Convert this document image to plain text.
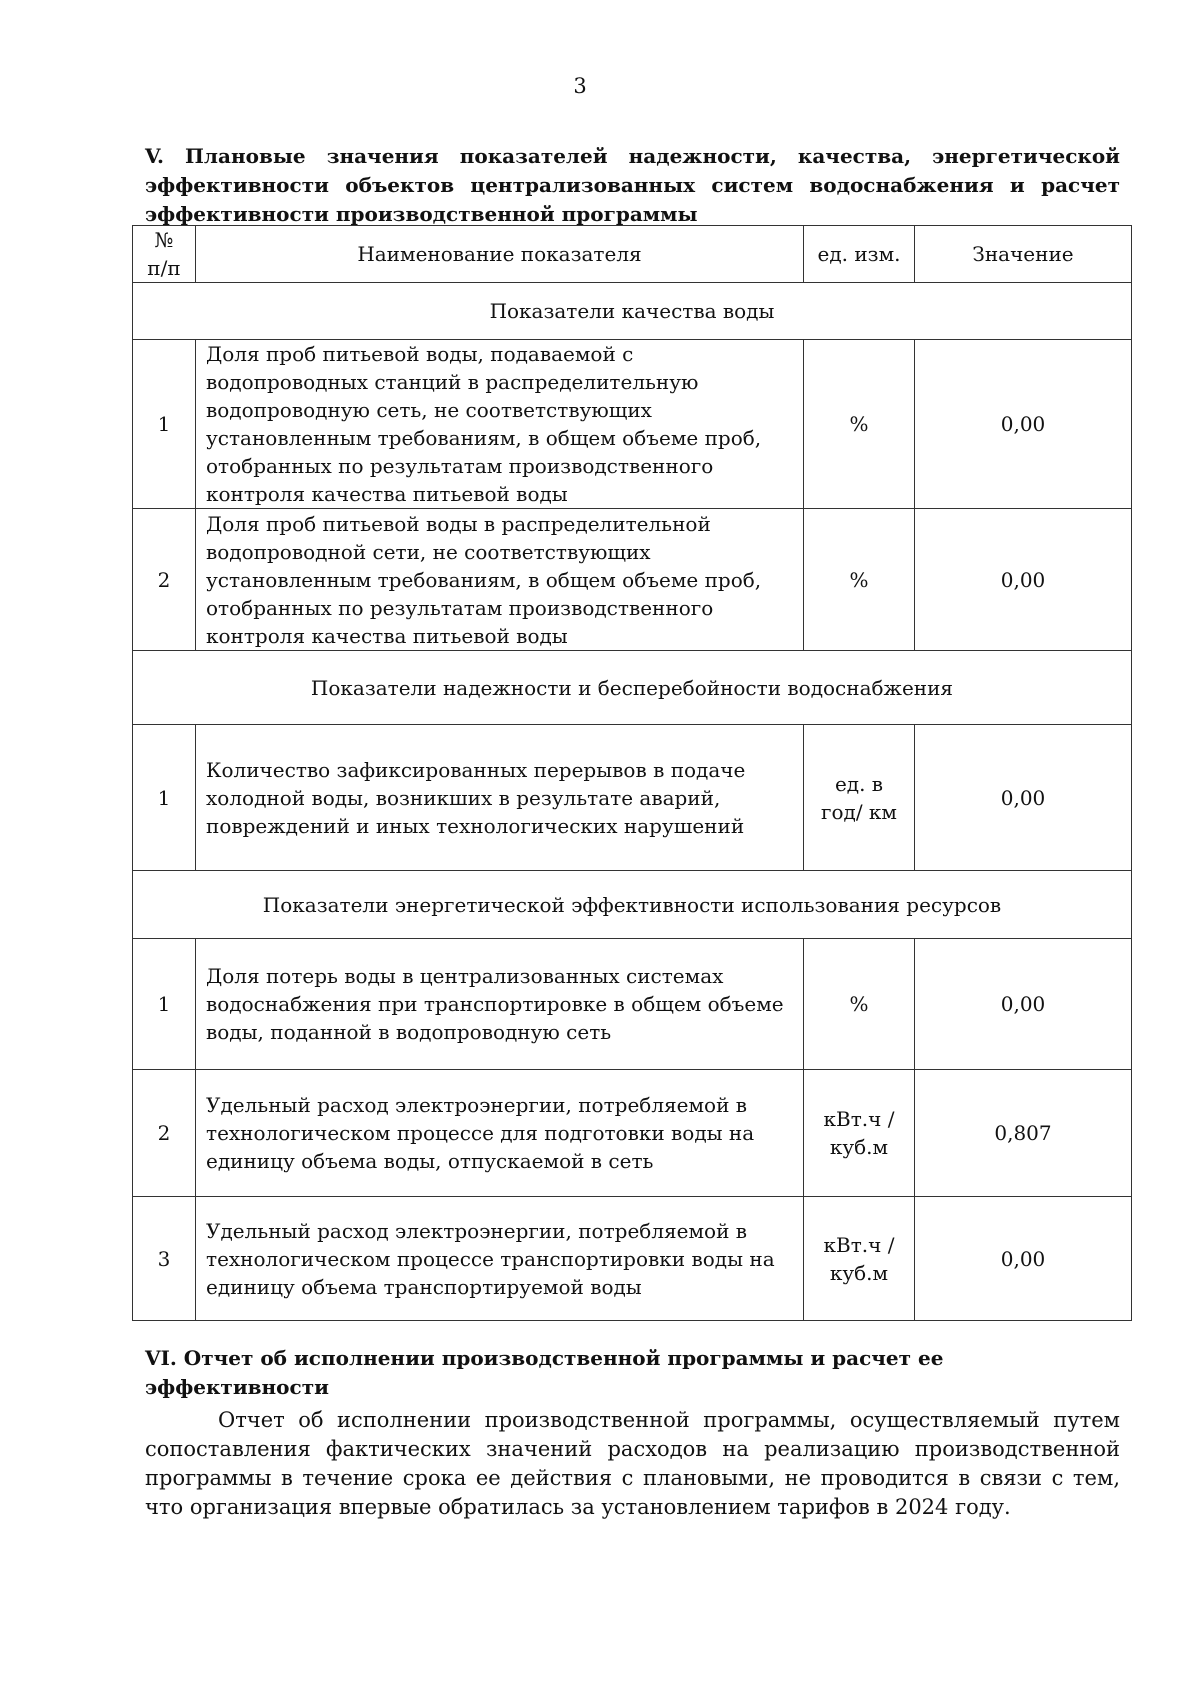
3
V. Плановые значения показателей надежности, качества, энергетической эффективности объектов централизованных систем водоснабжения и расчет эффективности производственной программы
№ п/п	Наименование показателя	ед. изм.	Значение
Показатели качества воды			
1	Доля проб питьевой воды, подаваемой с водопроводных станций в распределительную водопроводную сеть, не соответствующих установленным требованиям, в общем объеме проб, отобранных по результатам производственного контроля качества питьевой воды	%	0,00
2	Доля проб питьевой воды в распределительной водопроводной сети, не соответствующих установленным требованиям, в общем объеме проб, отобранных по результатам производственного контроля качества питьевой воды	%	0,00
Показатели надежности и бесперебойности водоснабжения			
1	Количество зафиксированных перерывов в подаче холодной воды, возникших в результате аварий, повреждений и иных технологических нарушений	ед. в год/ км	0,00
Показатели энергетической эффективности использования ресурсов			
1	Доля потерь воды в централизованных системах водоснабжения при транспортировке в общем объеме воды, поданной в водопроводную сеть	%	0,00
2	Удельный расход электроэнергии, потребляемой в технологическом процессе для подготовки воды на единицу объема воды, отпускаемой в сеть	кВт.ч / куб.м	0,807
3	Удельный расход электроэнергии, потребляемой в технологическом процессе транспортировки воды на единицу объема транспортируемой воды	кВт.ч / куб.м	0,00
VI. Отчет об исполнении производственной программы и расчет ее эффективности
Отчет об исполнении производственной программы, осуществляемый путем сопоставления фактических значений расходов на реализацию производственной программы в течение срока ее действия с плановыми, не проводится в связи с тем, что организация впервые обратилась за установлением тарифов в 2024 году.
